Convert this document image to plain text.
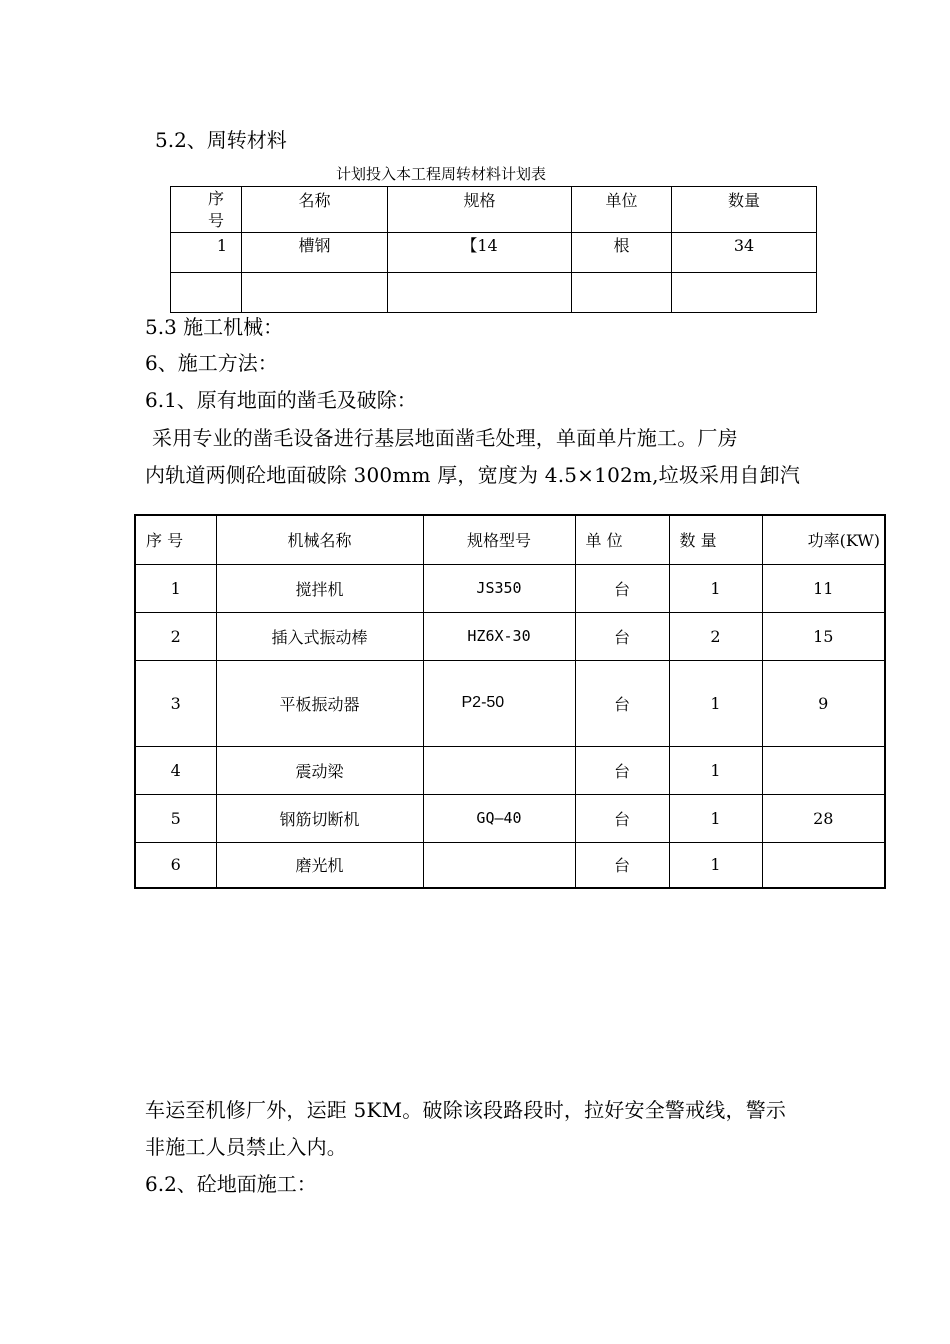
5.2、周转材料
计划投入本工程周转材料计划表
序号	名称	规格	单位	数量
1	槽钢	【14	根	34

5.3 施工机械：
6、施工方法：
6.1、原有地面的凿毛及破除：
采用专业的凿毛设备进行基层地面凿毛处理，单面单片施工。厂房
内轨道两侧砼地面破除 300mm 厚，宽度为 4.5×102m,垃圾采用自卸汽
序 号	机械名称	规格型号	单 位	数 量	功率(KW)
1	搅拌机	JS350	台	1	11
2	插入式振动棒	HZ6X-30	台	2	15
3	平板振动器	P2-50	台	1	9
4	震动梁		台	1	
5	钢筋切断机	GQ—40	台	1	28
6	磨光机		台	1	
车运至机修厂外，运距 5KM。破除该段路段时，拉好安全警戒线，警示
非施工人员禁止入内。
6.2、砼地面施工：
